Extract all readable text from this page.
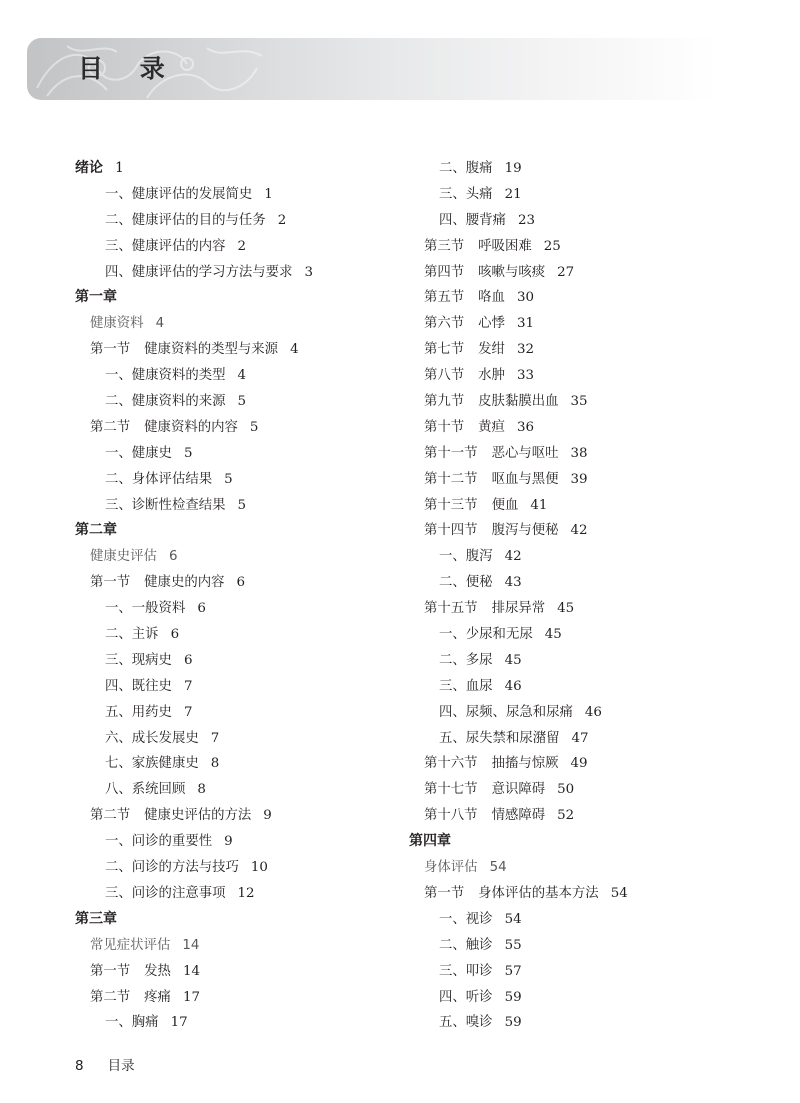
目 录
绪论 1
一、健康评估的发展简史 1
二、健康评估的目的与任务 2
三、健康评估的内容 2
四、健康评估的学习方法与要求 3
第一章
健康资料 4
第一节 健康资料的类型与来源 4
一、健康资料的类型 4
二、健康资料的来源 5
第二节 健康资料的内容 5
一、健康史 5
二、身体评估结果 5
三、诊断性检查结果 5
第二章
健康史评估 6
第一节 健康史的内容 6
一、一般资料 6
二、主诉 6
三、现病史 6
四、既往史 7
五、用药史 7
六、成长发展史 7
七、家族健康史 8
八、系统回顾 8
第二节 健康史评估的方法 9
一、问诊的重要性 9
二、问诊的方法与技巧 10
三、问诊的注意事项 12
第三章
常见症状评估 14
第一节 发热 14
第二节 疼痛 17
一、胸痛 17
二、腹痛 19
三、头痛 21
四、腰背痛 23
第三节 呼吸困难 25
第四节 咳嗽与咳痰 27
第五节 咯血 30
第六节 心悸 31
第七节 发绀 32
第八节 水肿 33
第九节 皮肤黏膜出血 35
第十节 黄疸 36
第十一节 恶心与呕吐 38
第十二节 呕血与黑便 39
第十三节 便血 41
第十四节 腹泻与便秘 42
一、腹泻 42
二、便秘 43
第十五节 排尿异常 45
一、少尿和无尿 45
二、多尿 45
三、血尿 46
四、尿频、尿急和尿痛 46
五、尿失禁和尿潴留 47
第十六节 抽搐与惊厥 49
第十七节 意识障碍 50
第十八节 情感障碍 52
第四章
身体评估 54
第一节 身体评估的基本方法 54
一、视诊 54
二、触诊 55
三、叩诊 57
四、听诊 59
五、嗅诊 59
8 目录
